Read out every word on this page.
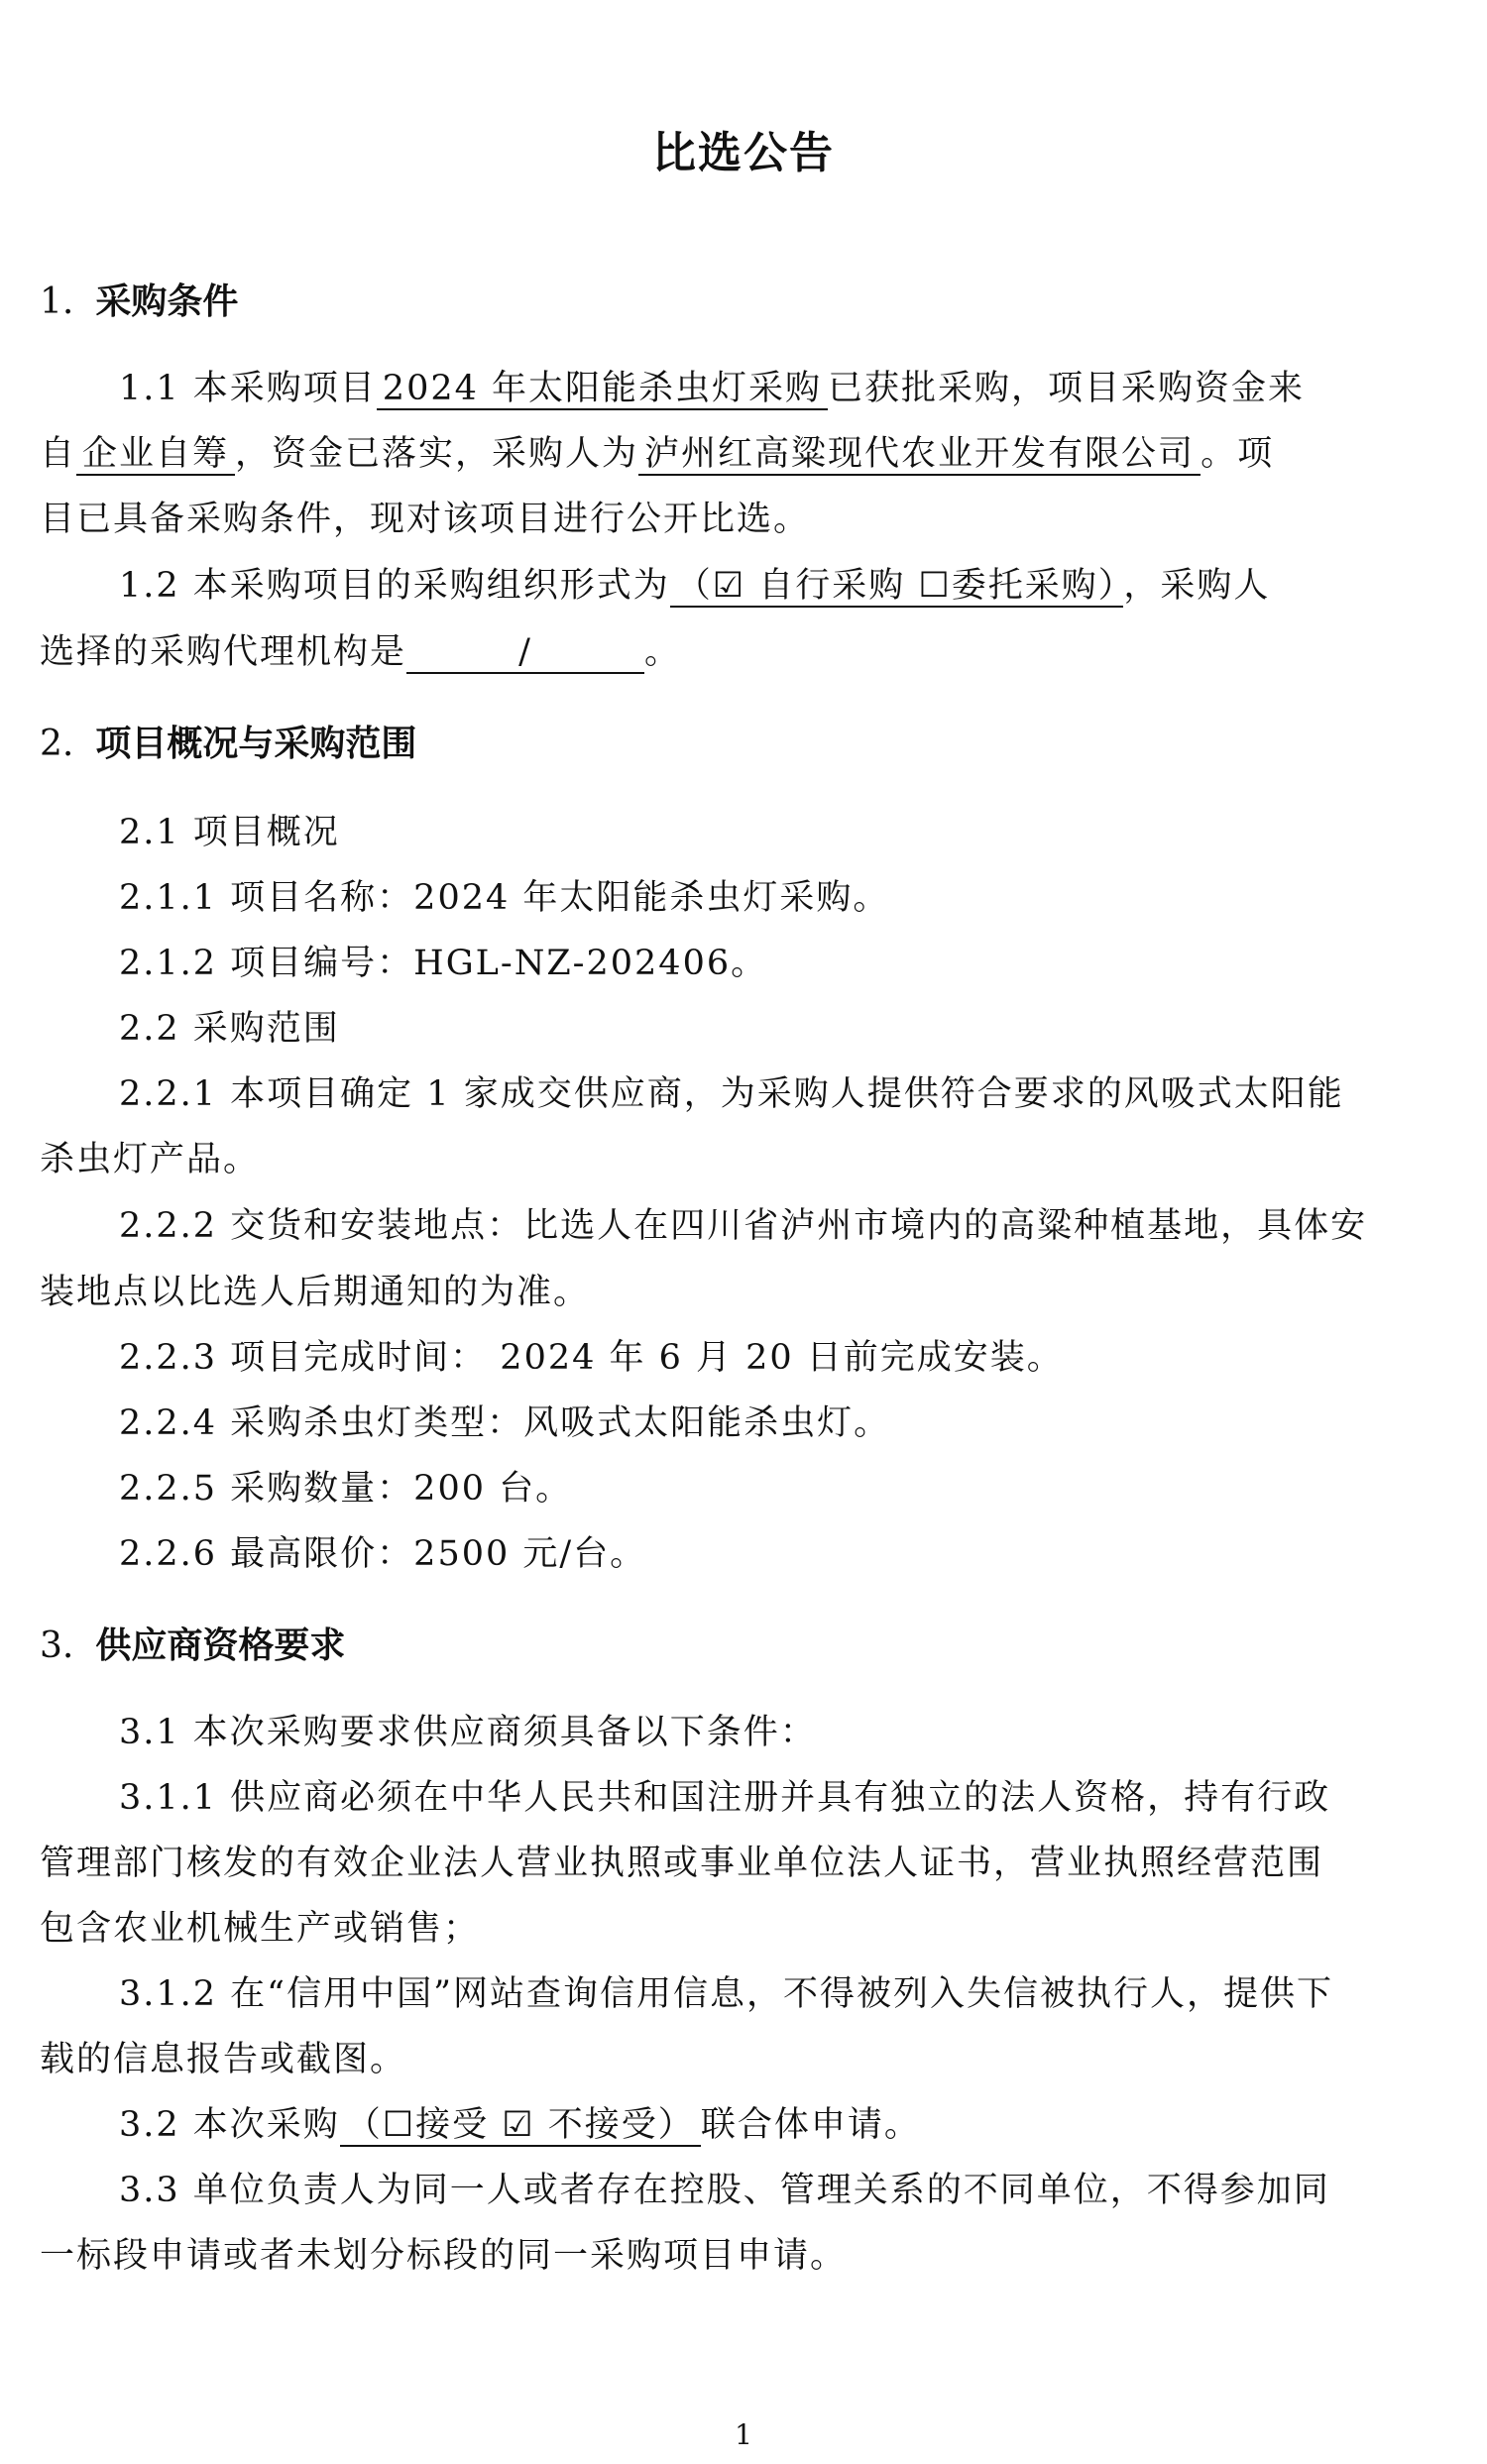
比选公告
1. 采购条件
1.1 本采购项目 2024 年太阳能杀虫灯采购 已获批采购，项目采购资金来
自 企业自筹 ，资金已落实，采购人为 泸州红高粱现代农业开发有限公司 。项
目已具备采购条件，现对该项目进行公开比选。
1.2 本采购项目的采购组织形式为 （☑ 自行采购 ☐委托采购） ，采购人
选择的采购代理机构是	/	。
2. 项目概况与采购范围
2.1 项目概况
2.1.1 项目名称：2024 年太阳能杀虫灯采购。
2.1.2 项目编号：HGL-NZ-202406。
2.2 采购范围
2.2.1 本项目确定 1 家成交供应商，为采购人提供符合要求的风吸式太阳能
杀虫灯产品。
2.2.2 交货和安装地点：比选人在四川省泸州市境内的高粱种植基地，具体安
装地点以比选人后期通知的为准。
2.2.3 项目完成时间： 2024 年 6 月 20 日前完成安装。
2.2.4 采购杀虫灯类型：风吸式太阳能杀虫灯。
2.2.5 采购数量：200 台。
2.2.6 最高限价：2500 元/台。
3. 供应商资格要求
3.1 本次采购要求供应商须具备以下条件：
3.1.1 供应商必须在中华人民共和国注册并具有独立的法人资格，持有行政
管理部门核发的有效企业法人营业执照或事业单位法人证书，营业执照经营范围
包含农业机械生产或销售；
3.1.2 在“信用中国”网站查询信用信息，不得被列入失信被执行人，提供下
载的信息报告或截图。
3.2 本次采购 （☐接受 ☑ 不接受） 联合体申请。
3.3 单位负责人为同一人或者存在控股、管理关系的不同单位，不得参加同
一标段申请或者未划分标段的同一采购项目申请。
1
